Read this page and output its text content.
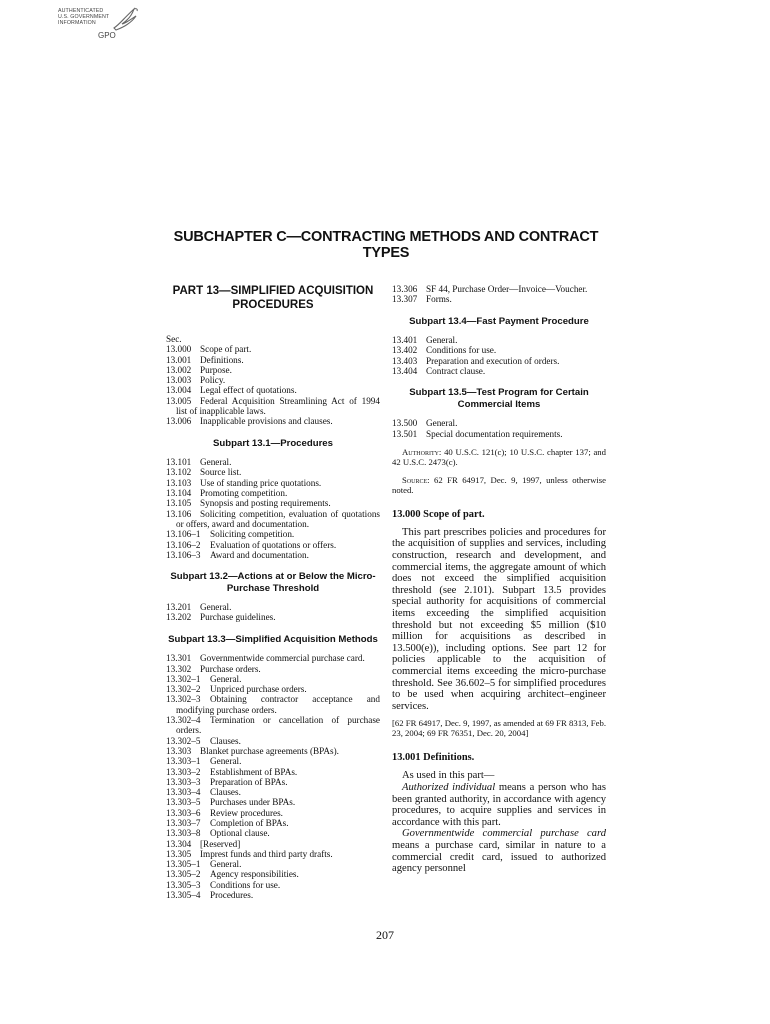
AUTHENTICATED
U.S. GOVERNMENT
INFORMATION
GPO
SUBCHAPTER C—CONTRACTING METHODS AND CONTRACT TYPES
PART 13—SIMPLIFIED ACQUISITION PROCEDURES
Sec.
13.000 Scope of part.
13.001 Definitions.
13.002 Purpose.
13.003 Policy.
13.004 Legal effect of quotations.
13.005 Federal Acquisition Streamlining Act of 1994 list of inapplicable laws.
13.006 Inapplicable provisions and clauses.
Subpart 13.1—Procedures
13.101 General.
13.102 Source list.
13.103 Use of standing price quotations.
13.104 Promoting competition.
13.105 Synopsis and posting requirements.
13.106 Soliciting competition, evaluation of quotations or offers, award and documentation.
13.106–1 Soliciting competition.
13.106–2 Evaluation of quotations or offers.
13.106–3 Award and documentation.
Subpart 13.2—Actions at or Below the Micro-Purchase Threshold
13.201 General.
13.202 Purchase guidelines.
Subpart 13.3—Simplified Acquisition Methods
13.301 Governmentwide commercial purchase card.
13.302 Purchase orders.
13.302–1 General.
13.302–2 Unpriced purchase orders.
13.302–3 Obtaining contractor acceptance and modifying purchase orders.
13.302–4 Termination or cancellation of purchase orders.
13.302–5 Clauses.
13.303 Blanket purchase agreements (BPAs).
13.303–1 General.
13.303–2 Establishment of BPAs.
13.303–3 Preparation of BPAs.
13.303–4 Clauses.
13.303–5 Purchases under BPAs.
13.303–6 Review procedures.
13.303–7 Completion of BPAs.
13.303–8 Optional clause.
13.304 [Reserved]
13.305 Imprest funds and third party drafts.
13.305–1 General.
13.305–2 Agency responsibilities.
13.305–3 Conditions for use.
13.305–4 Procedures.
13.306 SF 44, Purchase Order—Invoice—Voucher.
13.307 Forms.
Subpart 13.4—Fast Payment Procedure
13.401 General.
13.402 Conditions for use.
13.403 Preparation and execution of orders.
13.404 Contract clause.
Subpart 13.5—Test Program for Certain Commercial Items
13.500 General.
13.501 Special documentation requirements.

Authority: 40 U.S.C. 121(c); 10 U.S.C. chapter 137; and 42 U.S.C. 2473(c).

Source: 62 FR 64917, Dec. 9, 1997, unless otherwise noted.

13.000 Scope of part.

This part prescribes policies and procedures for the acquisition of supplies and services, including construction, research and development, and commercial items, the aggregate amount of which does not exceed the simplified acquisition threshold (see 2.101). Subpart 13.5 provides special authority for acquisitions of commercial items exceeding the simplified acquisition threshold but not exceeding $5 million ($10 million for acquisitions as described in 13.500(e)), including options. See part 12 for policies applicable to the acquisition of commercial items exceeding the micro-purchase threshold. See 36.602–5 for simplified procedures to be used when acquiring architect–engineer services.

[62 FR 64917, Dec. 9, 1997, as amended at 69 FR 8313, Feb. 23, 2004; 69 FR 76351, Dec. 20, 2004]

13.001 Definitions.

As used in this part—

Authorized individual means a person who has been granted authority, in accordance with agency procedures, to acquire supplies and services in accordance with this part.

Governmentwide commercial purchase card means a purchase card, similar in nature to a commercial credit card, issued to authorized agency personnel

207
